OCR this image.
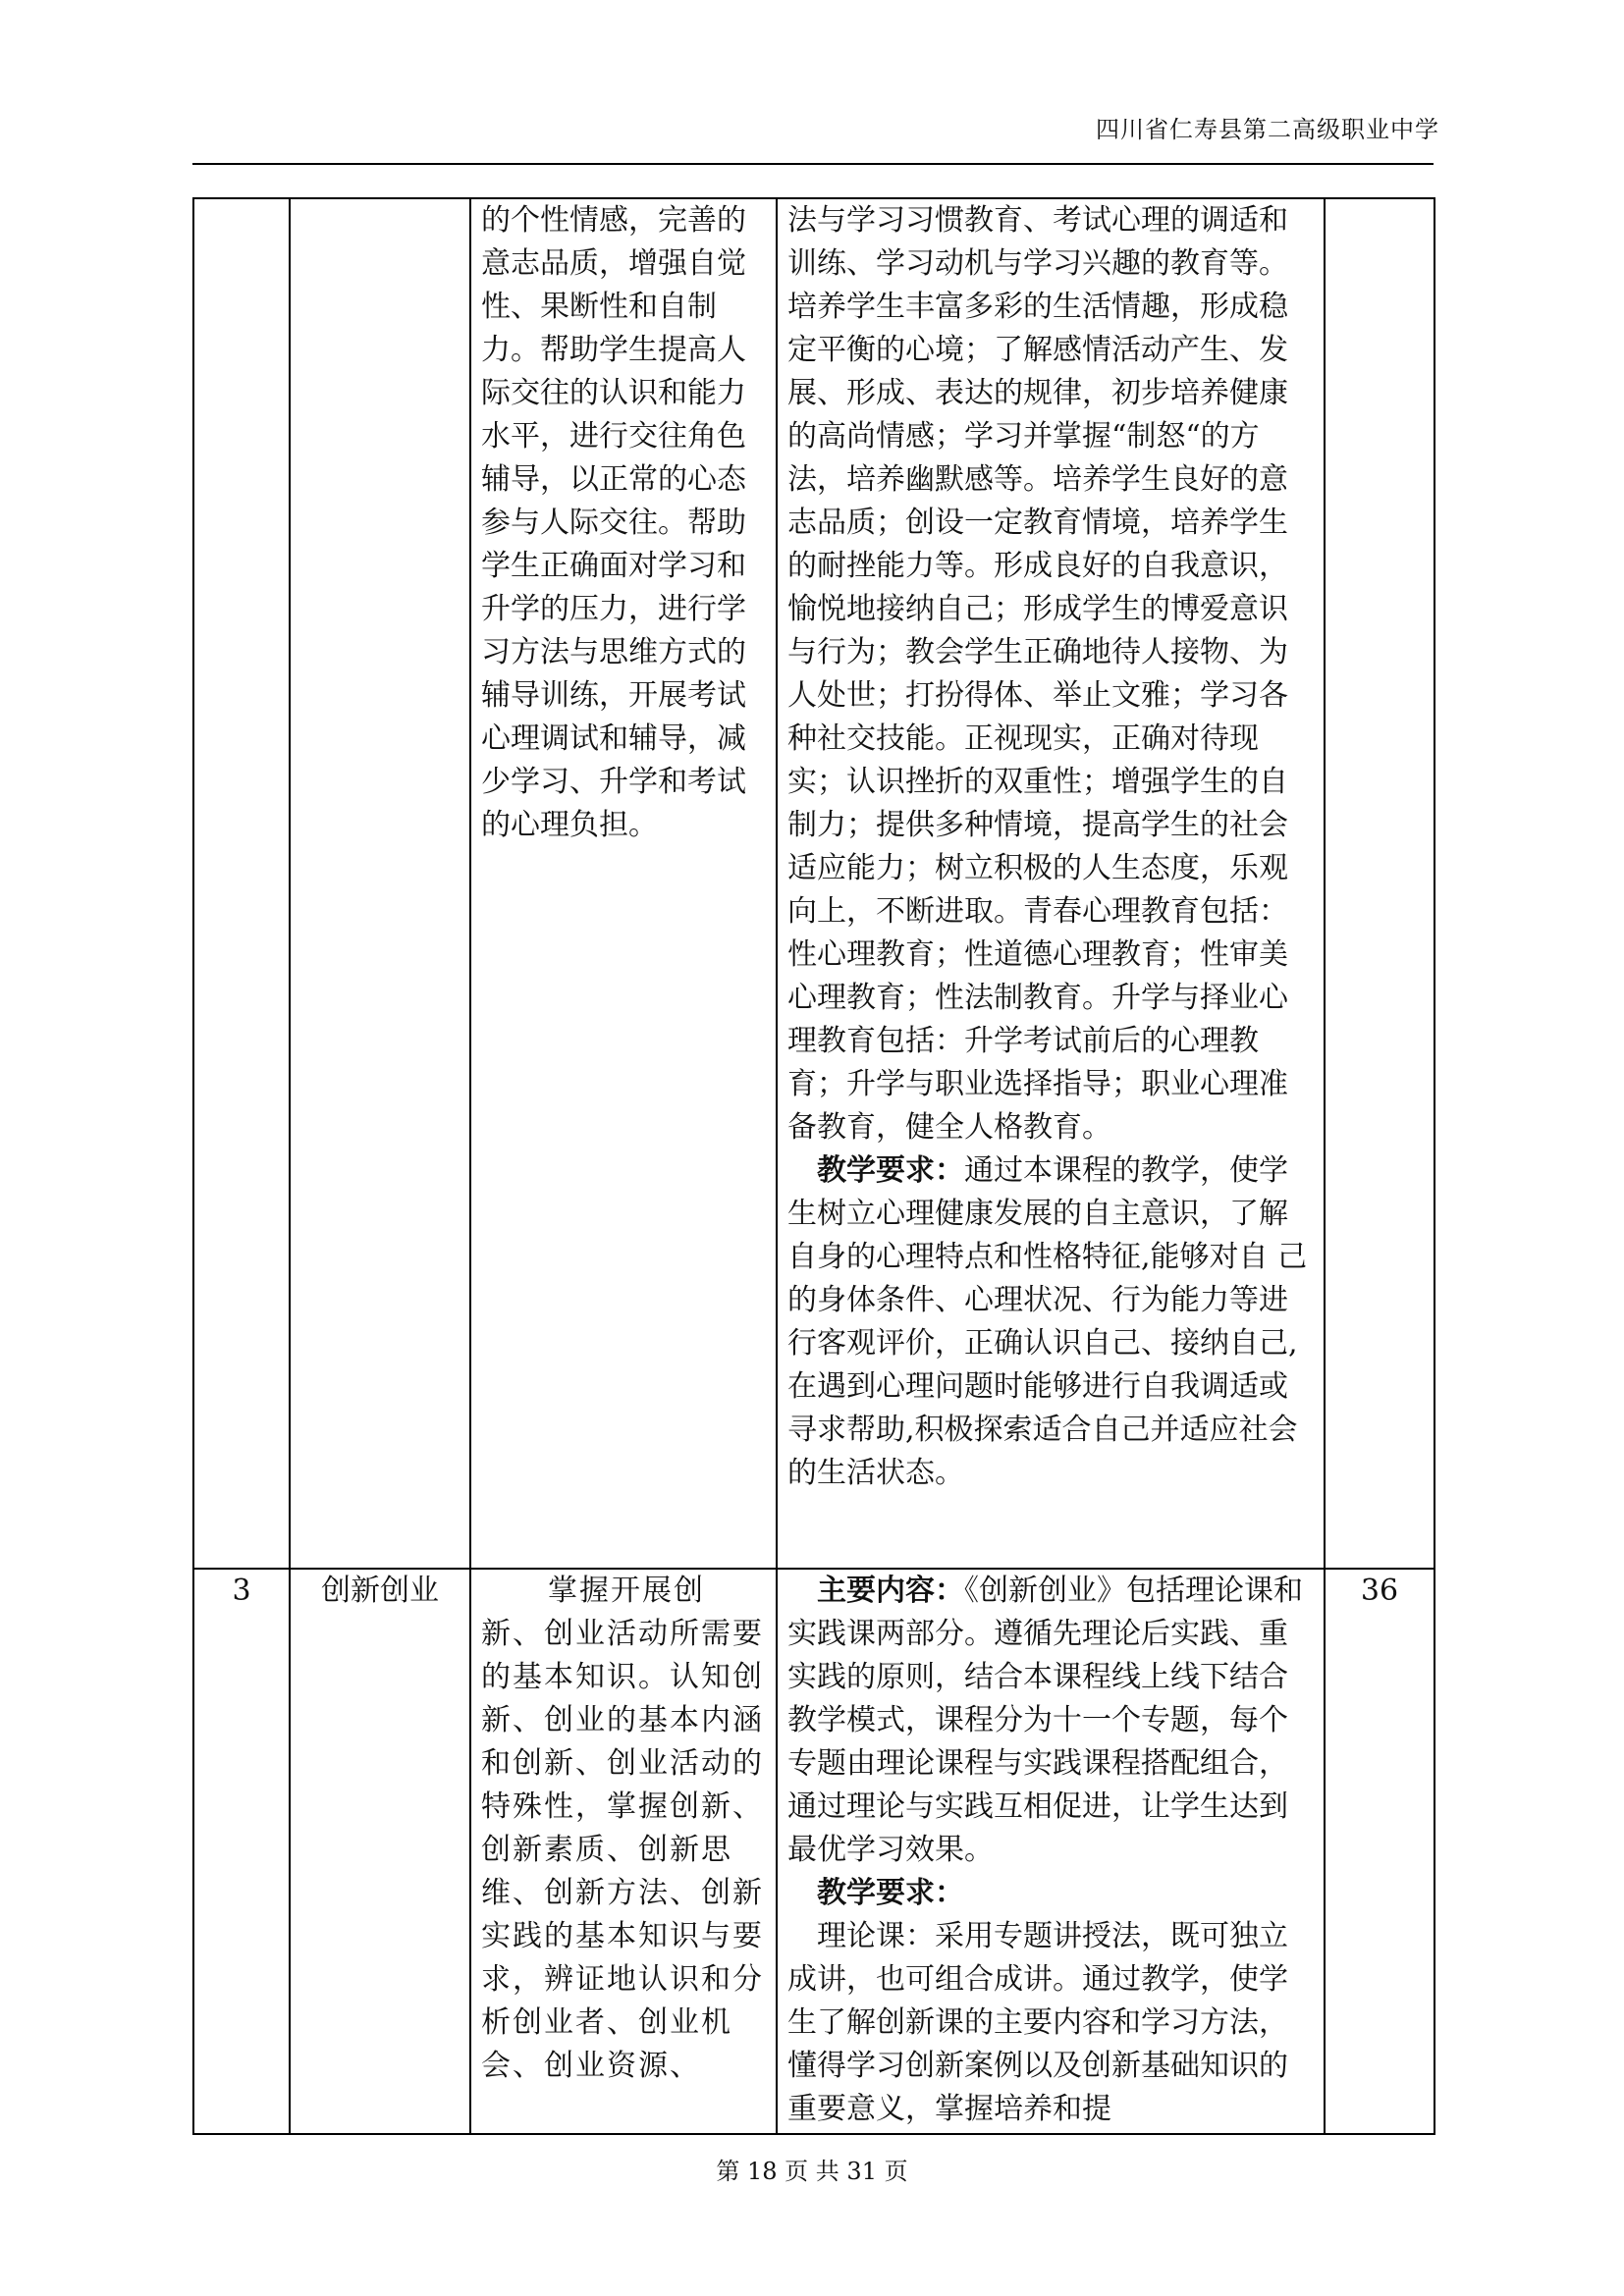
四川省仁寿县第二高级职业中学

		的个性情感，完善的意志品质，增强自觉性、果断性和自制力。帮助学生提高人际交往的认识和能力水平，进行交往角色辅导，以正常的心态参与人际交往。帮助学生正确面对学习和升学的压力，进行学习方法与思维方式的辅导训练，开展考试心理调试和辅导，减少学习、升学和考试的心理负担。	法与学习习惯教育、考试心理的调适和训练、学习动机与学习兴趣的教育等。培养学生丰富多彩的生活情趣，形成稳定平衡的心境；了解感情活动产生、发展、形成、表达的规律，初步培养健康的高尚情感；学习并掌握“制怒“的方法，培养幽默感等。培养学生良好的意志品质；创设一定教育情境，培养学生的耐挫能力等。形成良好的自我意识，愉悦地接纳自己；形成学生的博爱意识与行为；教会学生正确地待人接物、为人处世；打扮得体、举止文雅；学习各种社交技能。正视现实，正确对待现实；认识挫折的双重性；增强学生的自制力；提供多种情境，提高学生的社会适应能力；树立积极的人生态度，乐观向上，不断进取。青春心理教育包括：性心理教育；性道德心理教育；性审美心理教育；性法制教育。升学与择业心理教育包括：升学考试前后的心理教育；升学与职业选择指导；职业心理准备教育，健全人格教育。
教学要求：通过本课程的教学，使学生树立心理健康发展的自主意识，了解自身的心理特点和性格特征,能够对自 己的身体条件、心理状况、行为能力等进行客观评价，正确认识自己、接纳自己,在遇到心理问题时能够进行自我调适或寻求帮助,积极探索适合自己并适应社会的生活状态。	

3	创新创业	掌握开展创新、创业活动所需要的基本知识。认知创新、创业的基本内涵和创新、创业活动的特殊性，掌握创新、创新素质、创新思维、创新方法、创新实践的基本知识与要求，辨证地认识和分析创业者、创业机会、创业资源、	主要内容：《创新创业》包括理论课和实践课两部分。遵循先理论后实践、重实践的原则，结合本课程线上线下结合教学模式，课程分为十一个专题，每个专题由理论课程与实践课程搭配组合，通过理论与实践互相促进，让学生达到最优学习效果。
教学要求：
理论课：采用专题讲授法，既可独立成讲，也可组合成讲。通过教学，使学生了解创新课的主要内容和学习方法，懂得学习创新案例以及创新基础知识的重要意义，掌握培养和提	36
第 18 页 共 31 页
